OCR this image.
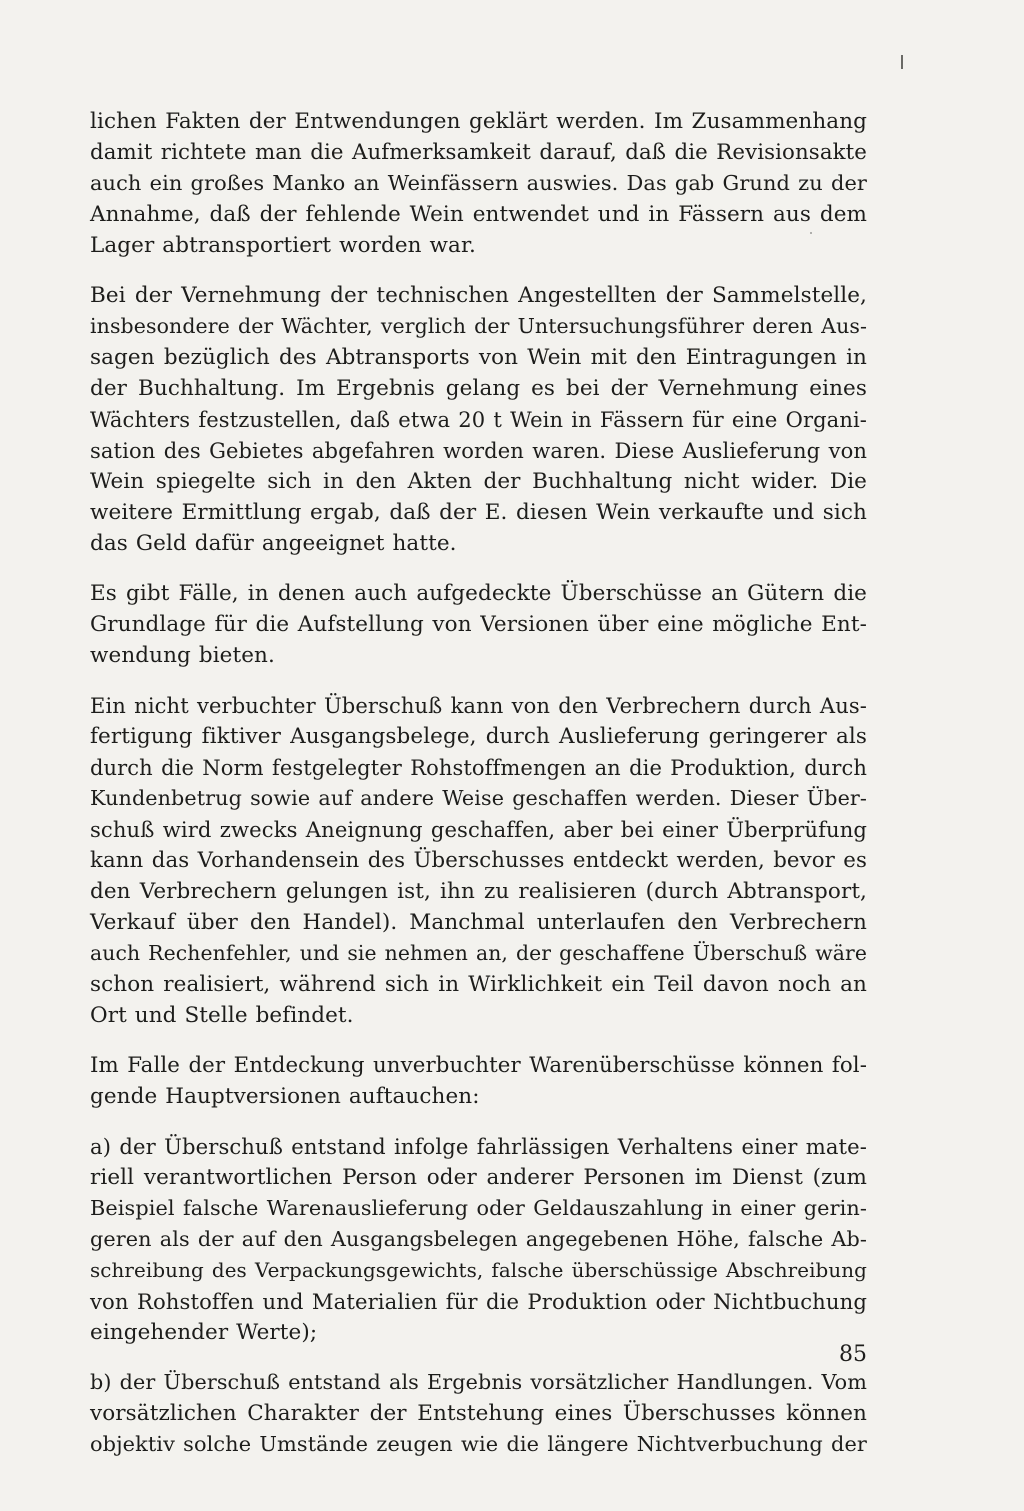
lichen Fakten der Entwendungen geklärt werden. Im Zusammenhang
damit richtete man die Aufmerksamkeit darauf, daß die Revisionsakte
auch ein großes Manko an Weinfässern auswies. Das gab Grund zu der
Annahme, daß der fehlende Wein entwendet und in Fässern aus dem
Lager abtransportiert worden war.

Bei der Vernehmung der technischen Angestellten der Sammelstelle,
insbesondere der Wächter, verglich der Untersuchungsführer deren Aus-
sagen bezüglich des Abtransports von Wein mit den Eintragungen in
der Buchhaltung. Im Ergebnis gelang es bei der Vernehmung eines
Wächters festzustellen, daß etwa 20 t Wein in Fässern für eine Organi-
sation des Gebietes abgefahren worden waren. Diese Auslieferung von
Wein spiegelte sich in den Akten der Buchhaltung nicht wider. Die
weitere Ermittlung ergab, daß der E. diesen Wein verkaufte und sich
das Geld dafür angeeignet hatte.

Es gibt Fälle, in denen auch aufgedeckte Überschüsse an Gütern die
Grundlage für die Aufstellung von Versionen über eine mögliche Ent-
wendung bieten.

Ein nicht verbuchter Überschuß kann von den Verbrechern durch Aus-
fertigung fiktiver Ausgangsbelege, durch Auslieferung geringerer als
durch die Norm festgelegter Rohstoffmengen an die Produktion, durch
Kundenbetrug sowie auf andere Weise geschaffen werden. Dieser Über-
schuß wird zwecks Aneignung geschaffen, aber bei einer Überprüfung
kann das Vorhandensein des Überschusses entdeckt werden, bevor es
den Verbrechern gelungen ist, ihn zu realisieren (durch Abtransport,
Verkauf über den Handel). Manchmal unterlaufen den Verbrechern
auch Rechenfehler, und sie nehmen an, der geschaffene Überschuß wäre
schon realisiert, während sich in Wirklichkeit ein Teil davon noch an
Ort und Stelle befindet.

Im Falle der Entdeckung unverbuchter Warenüberschüsse können fol-
gende Hauptversionen auftauchen:

a) der Überschuß entstand infolge fahrlässigen Verhaltens einer mate-
riell verantwortlichen Person oder anderer Personen im Dienst (zum
Beispiel falsche Warenauslieferung oder Geldauszahlung in einer gerin-
geren als der auf den Ausgangsbelegen angegebenen Höhe, falsche Ab-
schreibung des Verpackungsgewichts, falsche überschüssige Abschreibung
von Rohstoffen und Materialien für die Produktion oder Nichtbuchung
eingehender Werte);

b) der Überschuß entstand als Ergebnis vorsätzlicher Handlungen. Vom
vorsätzlichen Charakter der Entstehung eines Überschusses können
objektiv solche Umstände zeugen wie die längere Nichtverbuchung der

85
